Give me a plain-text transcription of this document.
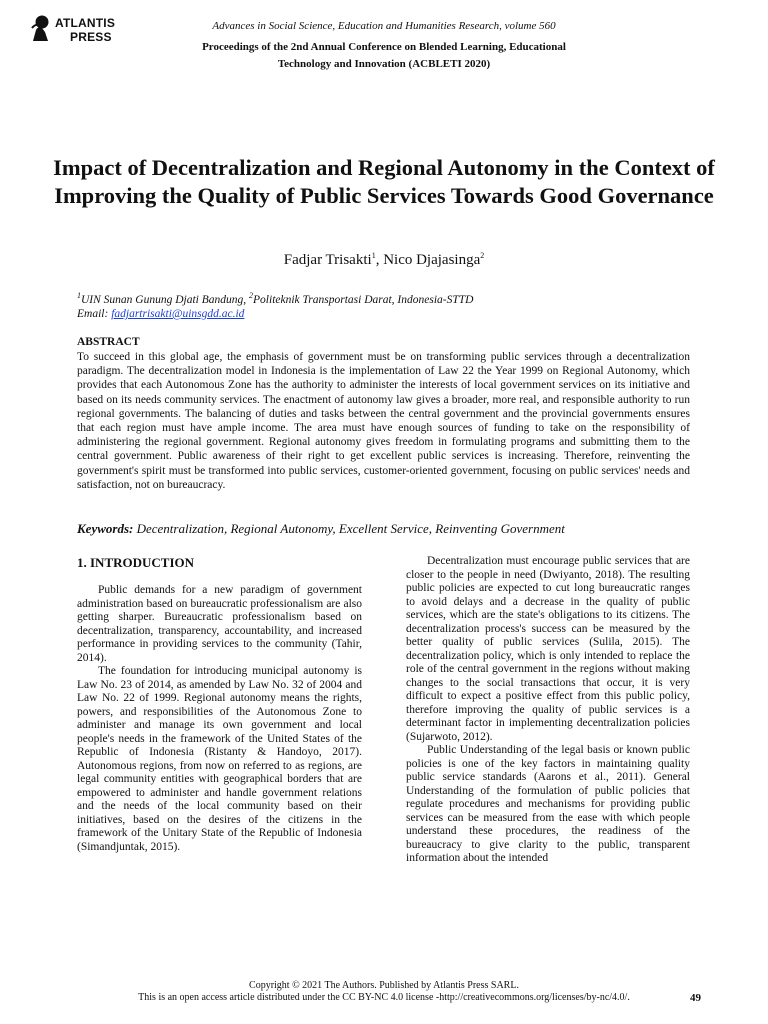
ATLANTIS
PRESS
Advances in Social Science, Education and Humanities Research, volume 560
Proceedings of the 2nd Annual Conference on Blended Learning, Educational
Technology and Innovation (ACBLETI 2020)
Impact of Decentralization and Regional Autonomy in the Context of Improving the Quality of Public Services Towards Good Governance
Fadjar Trisakti$^1$, Nico Djajasinga$^2$
$^1$UIN Sunan Gunung Djati Bandung, $^2$Politeknik Transportasi Darat, Indonesia-STTD
Email: fadjartrisakti@uinsgdd.ac.id
ABSTRACT
To succeed in this global age, the emphasis of government must be on transforming public services through a decentralization paradigm. The decentralization model in Indonesia is the implementation of Law 22 the Year 1999 on Regional Autonomy, which provides that each Autonomous Zone has the authority to administer the interests of local government services on its initiative and based on its needs community services. The enactment of autonomy law gives a broader, more real, and responsible authority to run regional governments. The balancing of duties and tasks between the central government and the provincial governments ensures that each region must have ample income. The area must have enough sources of funding to take on the responsibility of administering the regional government. Regional autonomy gives freedom in formulating programs and submitting them to the central government. Public awareness of their right to get excellent public services is increasing. Therefore, reinventing the government's spirit must be transformed into public services, customer-oriented government, focusing on public services' needs and satisfaction, not on bureaucracy.
Keywords: Decentralization, Regional Autonomy, Excellent Service, Reinventing Government
1. INTRODUCTION

Public demands for a new paradigm of government administration based on bureaucratic professionalism are also getting sharper. Bureaucratic professionalism based on decentralization, transparency, accountability, and increased performance in providing services to the community (Tahir, 2014).

The foundation for introducing municipal autonomy is Law No. 23 of 2014, as amended by Law No. 32 of 2004 and Law No. 22 of 1999. Regional autonomy means the rights, powers, and responsibilities of the Autonomous Zone to administer and manage its own government and local people's needs in the framework of the United States of the Republic of Indonesia (Ristanty & Handoyo, 2017). Autonomous regions, from now on referred to as regions, are legal community entities with geographical borders that are empowered to administer and handle government relations and the needs of the local community based on their initiatives, based on the desires of the citizens in the framework of the Unitary State of the Republic of Indonesia (Simandjuntak, 2015).

Decentralization must encourage public services that are closer to the people in need (Dwiyanto, 2018). The resulting public policies are expected to cut long bureaucratic ranges to avoid delays and a decrease in the quality of public services, which are the state's obligations to its citizens. The decentralization process's success can be measured by the better quality of public services (Sulila, 2015). The decentralization policy, which is only intended to replace the role of the central government in the regions without making changes to the social transactions that occur, it is very difficult to expect a positive effect from this public policy, therefore improving the quality of public services is a determinant factor in implementing decentralization policies (Sujarwoto, 2012).

Public Understanding of the legal basis or known public policies is one of the key factors in maintaining quality public service standards (Aarons et al., 2011). General Understanding of the formulation of public policies that regulate procedures and mechanisms for providing public services can be measured from the ease with which people understand these procedures, the readiness of the bureaucracy to give clarity to the public, transparent information about the intended

Copyright © 2021 The Authors. Published by Atlantis Press SARL.
This is an open access article distributed under the CC BY-NC 4.0 license -http://creativecommons.org/licenses/by-nc/4.0/.	49
